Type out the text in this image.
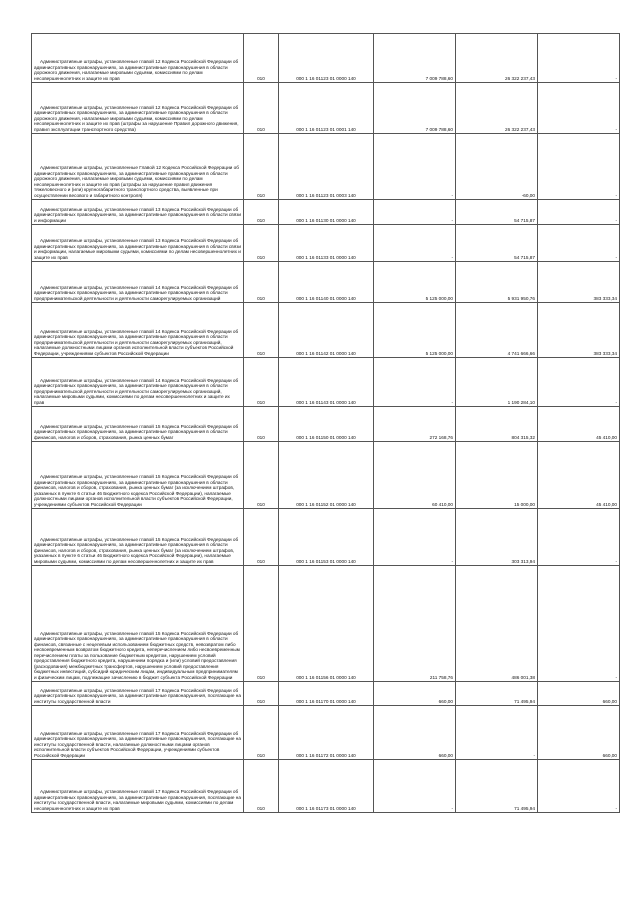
Административные штрафы, установленные главой 12 Кодекса Российской Федерации об административных правонарушениях, за административные правонарушения в области дорожного движения, налагаемые мировыми судьями, комиссиями по делам несовершеннолетних и защите их прав	010	000 1 16 01123 01 0000 140	7 009 788,60	26 322 237,43	-

Административные штрафы, установленные главой 12 Кодекса Российской Федерации об административных правонарушениях, за административные правонарушения в области дорожного движения, налагаемые мировыми судьями, комиссиями по делам несовершеннолетних и защите их прав (штрафы за нарушение Правил дорожного движения, правил эксплуатации транспортного средства)	010	000 1 16 01123 01 0001 140	7 009 788,60	26 322 237,43	-

Административные штрафы, установленные Главой 12 Кодекса Российской Федерации об административных правонарушениях, за административные правонарушения в области дорожного движения, налагаемые мировыми судьями, комиссиями по делам несовершеннолетних и защите их прав (штрафы за нарушение правил движения тяжеловесного и (или) крупногабаритного транспортного средства, выявленные при осуществлении весового и габаритного контроля)	010	000 1 16 01123 01 0003 140	-	-60,00	-

Административные штрафы, установленные главой 13 Кодекса Российской Федерации об административных правонарушениях, за административные правонарушения в области связи и информации	010	000 1 16 01130 01 0000 140	-	54 715,87	-

Административные штрафы, установленные главой 13 Кодекса Российской Федерации об административных правонарушениях, за административные правонарушения в области связи и информации, налагаемые мировыми судьями, комиссиями по делам несовершеннолетних и защите их прав	010	000 1 16 01133 01 0000 140	-	54 715,87	-

Административные штрафы, установленные главой 14 Кодекса Российской Федерации об административных правонарушениях, за административные правонарушения в области предпринимательской деятельности и деятельности саморегулируемых организаций	010	000 1 16 01140 01 0000 140	5 125 000,00	5 931 950,76	383 333,34

Административные штрафы, установленные главой 14 Кодекса Российской Федерации об административных правонарушениях, за административные правонарушения в области предпринимательской деятельности и деятельности саморегулируемых организаций, налагаемые должностными лицами органов исполнительной власти субъектов Российской Федерации, учреждениями субъектов Российской Федерации	010	000 1 16 01142 01 0000 140	5 125 000,00	4 741 666,66	383 333,34

Административные штрафы, установленные главой 14 Кодекса Российской Федерации об административных правонарушениях, за административные правонарушения в области предпринимательской деятельности и деятельности саморегулируемых организаций, налагаемые мировыми судьями, комиссиями по делам несовершеннолетних и защите их прав	010	000 1 16 01143 01 0000 140	-	1 190 284,10	-

Административные штрафы, установленные главой 15 Кодекса Российской Федерации об административных правонарушениях, за административные правонарушения в области финансов, налогов и сборов, страхования, рынка ценных бумаг	010	000 1 16 01150 01 0000 140	272 168,76	804 315,32	45 410,00

Административные штрафы, установленные главой 15 Кодекса Российской Федерации об административных правонарушениях, за административные правонарушения в области финансов, налогов и сборов, страхования, рынка ценных бумаг (за исключением штрафов, указанных в пункте 6 статьи 46 Бюджетного кодекса Российской Федерации), налагаемые должностными лицами органов исполнительной власти субъектов Российской Федерации, учреждениями субъектов Российской Федерации	010	000 1 16 01152 01 0000 140	60 410,00	15 000,00	45 410,00

Административные штрафы, установленные главой 15 Кодекса Российской Федерации об административных правонарушениях, за административные правонарушения в области финансов, налогов и сборов, страхования, рынка ценных бумаг (за исключением штрафов, указанных в пункте 6 статьи 46 Бюджетного кодекса Российской Федерации), налагаемые мировыми судьями, комиссиями по делам несовершеннолетних и защите их прав	010	000 1 16 01153 01 0000 140	-	303 313,94	-

Административные штрафы, установленные главой 15 Кодекса Российской Федерации об административных правонарушениях, за административные правонарушения в области финансов, связанные с нецелевым использованием бюджетных средств, невозвратом либо несвоевременным возвратом бюджетного кредита, неперечислением либо несвоевременным перечислением платы за пользование бюджетным кредитом, нарушением условий предоставления бюджетного кредита, нарушением порядка и (или) условий предоставления (расходования) межбюджетных трансфертов, нарушением условий предоставления бюджетных инвестиций, субсидий юридическим лицам, индивидуальным предпринимателям и физическим лицам, подлежащие зачислению в бюджет субъекта Российской Федерации	010	000 1 16 01156 01 0000 140	211 758,76	486 001,38	-

Административные штрафы, установленные главой 17 Кодекса Российской Федерации об административных правонарушениях, за административные правонарушения, посягающие на институты государственной власти	010	000 1 16 01170 01 0000 140	660,00	71 495,94	660,00

Административные штрафы, установленные главой 17 Кодекса Российской Федерации об административных правонарушениях, за административные правонарушения, посягающие на институты государственной власти, налагаемые должностными лицами органов исполнительной власти субъектов Российской Федерации, учреждениями субъектов Российской Федерации	010	000 1 16 01172 01 0000 140	660,00	-	660,00

Административные штрафы, установленные главой 17 Кодекса Российской Федерации об административных правонарушениях, за административные правонарушения, посягающие на институты государственной власти, налагаемые мировыми судьями, комиссиями по делам несовершеннолетних и защите их прав	010	000 1 16 01173 01 0000 140	-	71 495,94	-
